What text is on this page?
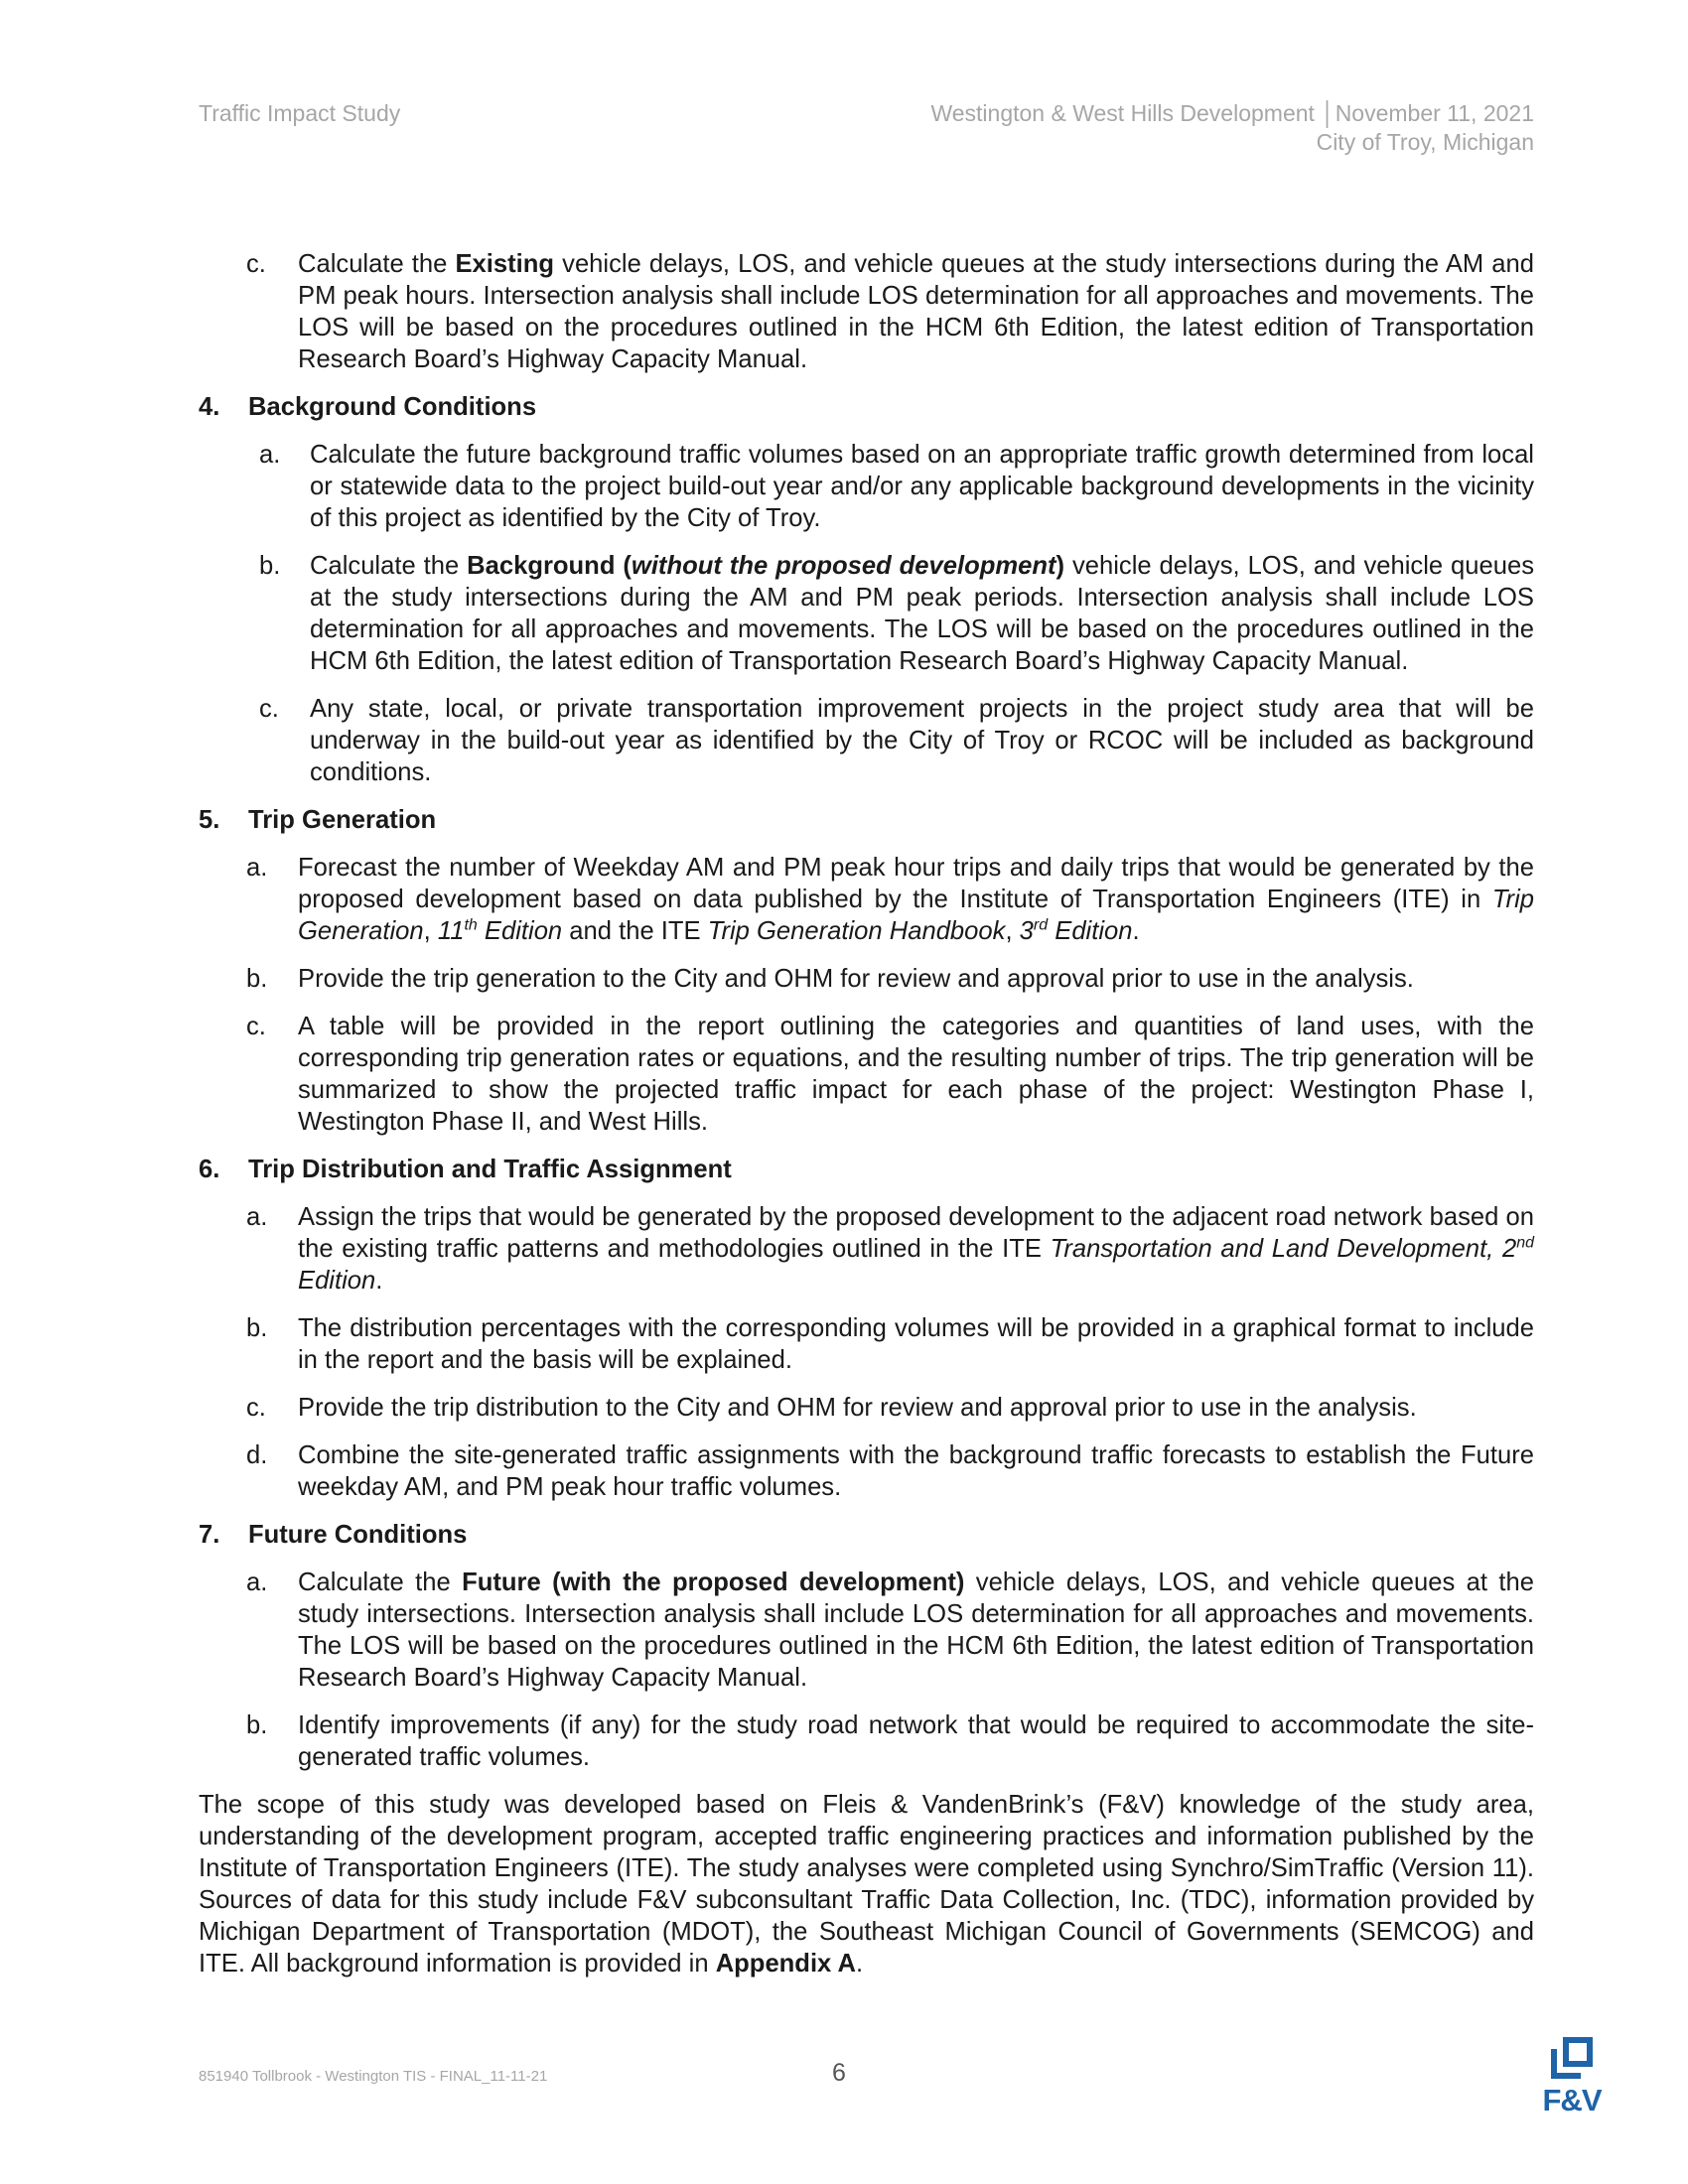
Traffic Impact Study	Westington & West Hills Development │November 11, 2021
City of Troy, Michigan
c.	Calculate the Existing vehicle delays, LOS, and vehicle queues at the study intersections during the AM and PM peak hours. Intersection analysis shall include LOS determination for all approaches and movements. The LOS will be based on the procedures outlined in the HCM 6th Edition, the latest edition of Transportation Research Board’s Highway Capacity Manual.
4.	Background Conditions
a.	Calculate the future background traffic volumes based on an appropriate traffic growth determined from local or statewide data to the project build-out year and/or any applicable background developments in the vicinity of this project as identified by the City of Troy.
b.	Calculate the Background (without the proposed development) vehicle delays, LOS, and vehicle queues at the study intersections during the AM and PM peak periods. Intersection analysis shall include LOS determination for all approaches and movements. The LOS will be based on the procedures outlined in the HCM 6th Edition, the latest edition of Transportation Research Board’s Highway Capacity Manual.
c.	Any state, local, or private transportation improvement projects in the project study area that will be underway in the build-out year as identified by the City of Troy or RCOC will be included as background conditions.
5.	Trip Generation
a.	Forecast the number of Weekday AM and PM peak hour trips and daily trips that would be generated by the proposed development based on data published by the Institute of Transportation Engineers (ITE) in Trip Generation, 11th Edition and the ITE Trip Generation Handbook, 3rd Edition.
b.	Provide the trip generation to the City and OHM for review and approval prior to use in the analysis.
c.	A table will be provided in the report outlining the categories and quantities of land uses, with the corresponding trip generation rates or equations, and the resulting number of trips. The trip generation will be summarized to show the projected traffic impact for each phase of the project: Westington Phase I, Westington Phase II, and West Hills.
6.	Trip Distribution and Traffic Assignment
a.	Assign the trips that would be generated by the proposed development to the adjacent road network based on the existing traffic patterns and methodologies outlined in the ITE Transportation and Land Development, 2nd Edition.
b.	The distribution percentages with the corresponding volumes will be provided in a graphical format to include in the report and the basis will be explained.
c.	Provide the trip distribution to the City and OHM for review and approval prior to use in the analysis.
d.	Combine the site-generated traffic assignments with the background traffic forecasts to establish the Future weekday AM, and PM peak hour traffic volumes.
7.	Future Conditions
a.	Calculate the Future (with the proposed development) vehicle delays, LOS, and vehicle queues at the study intersections. Intersection analysis shall include LOS determination for all approaches and movements. The LOS will be based on the procedures outlined in the HCM 6th Edition, the latest edition of Transportation Research Board’s Highway Capacity Manual.
b.	Identify improvements (if any) for the study road network that would be required to accommodate the site-generated traffic volumes.

The scope of this study was developed based on Fleis & VandenBrink’s (F&V) knowledge of the study area, understanding of the development program, accepted traffic engineering practices and information published by the Institute of Transportation Engineers (ITE). The study analyses were completed using Synchro/SimTraffic (Version 11). Sources of data for this study include F&V subconsultant Traffic Data Collection, Inc. (TDC), information provided by Michigan Department of Transportation (MDOT), the Southeast Michigan Council of Governments (SEMCOG) and ITE. All background information is provided in Appendix A.

851940 Tollbrook - Westington TIS - FINAL_11-11-21	6
F&V
